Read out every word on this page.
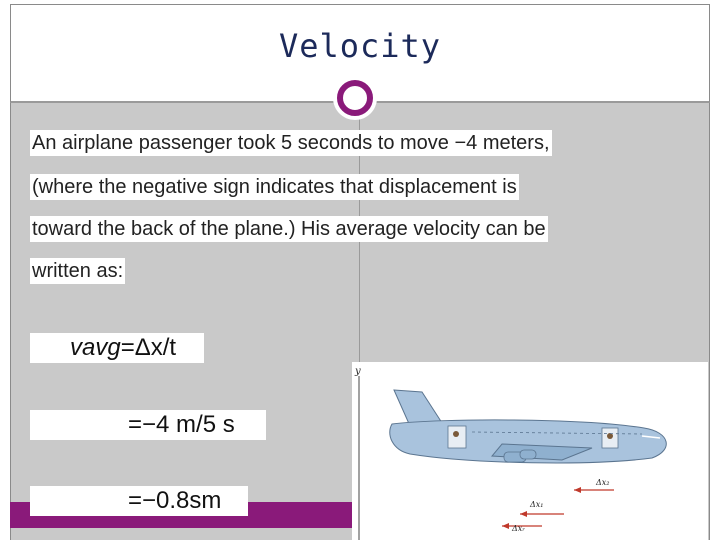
Velocity
An airplane passenger took 5 seconds to move −4 meters,
(where the negative sign indicates that displacement is
toward the back of the plane.) His average velocity can be
written as:
vavg=Δx/t
=−4 m/5 s
=−0.8sm
y
Δx₂
Δx₁
Δxᵣ
